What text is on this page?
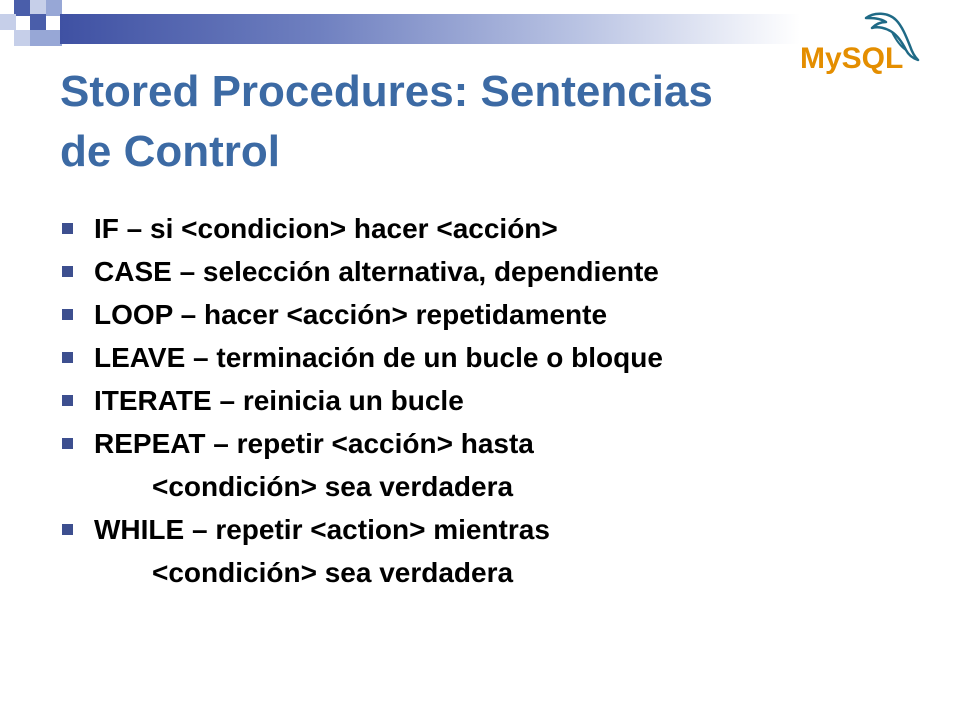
MySQL
Stored Procedures: Sentencias
de Control
IF – si <condicion> hacer <acción>
CASE – selección alternativa, dependiente
LOOP – hacer <acción> repetidamente
LEAVE – terminación de un bucle o bloque
ITERATE – reinicia un bucle
REPEAT – repetir <acción> hasta
<condición> sea verdadera
WHILE – repetir <action> mientras
<condición> sea verdadera
